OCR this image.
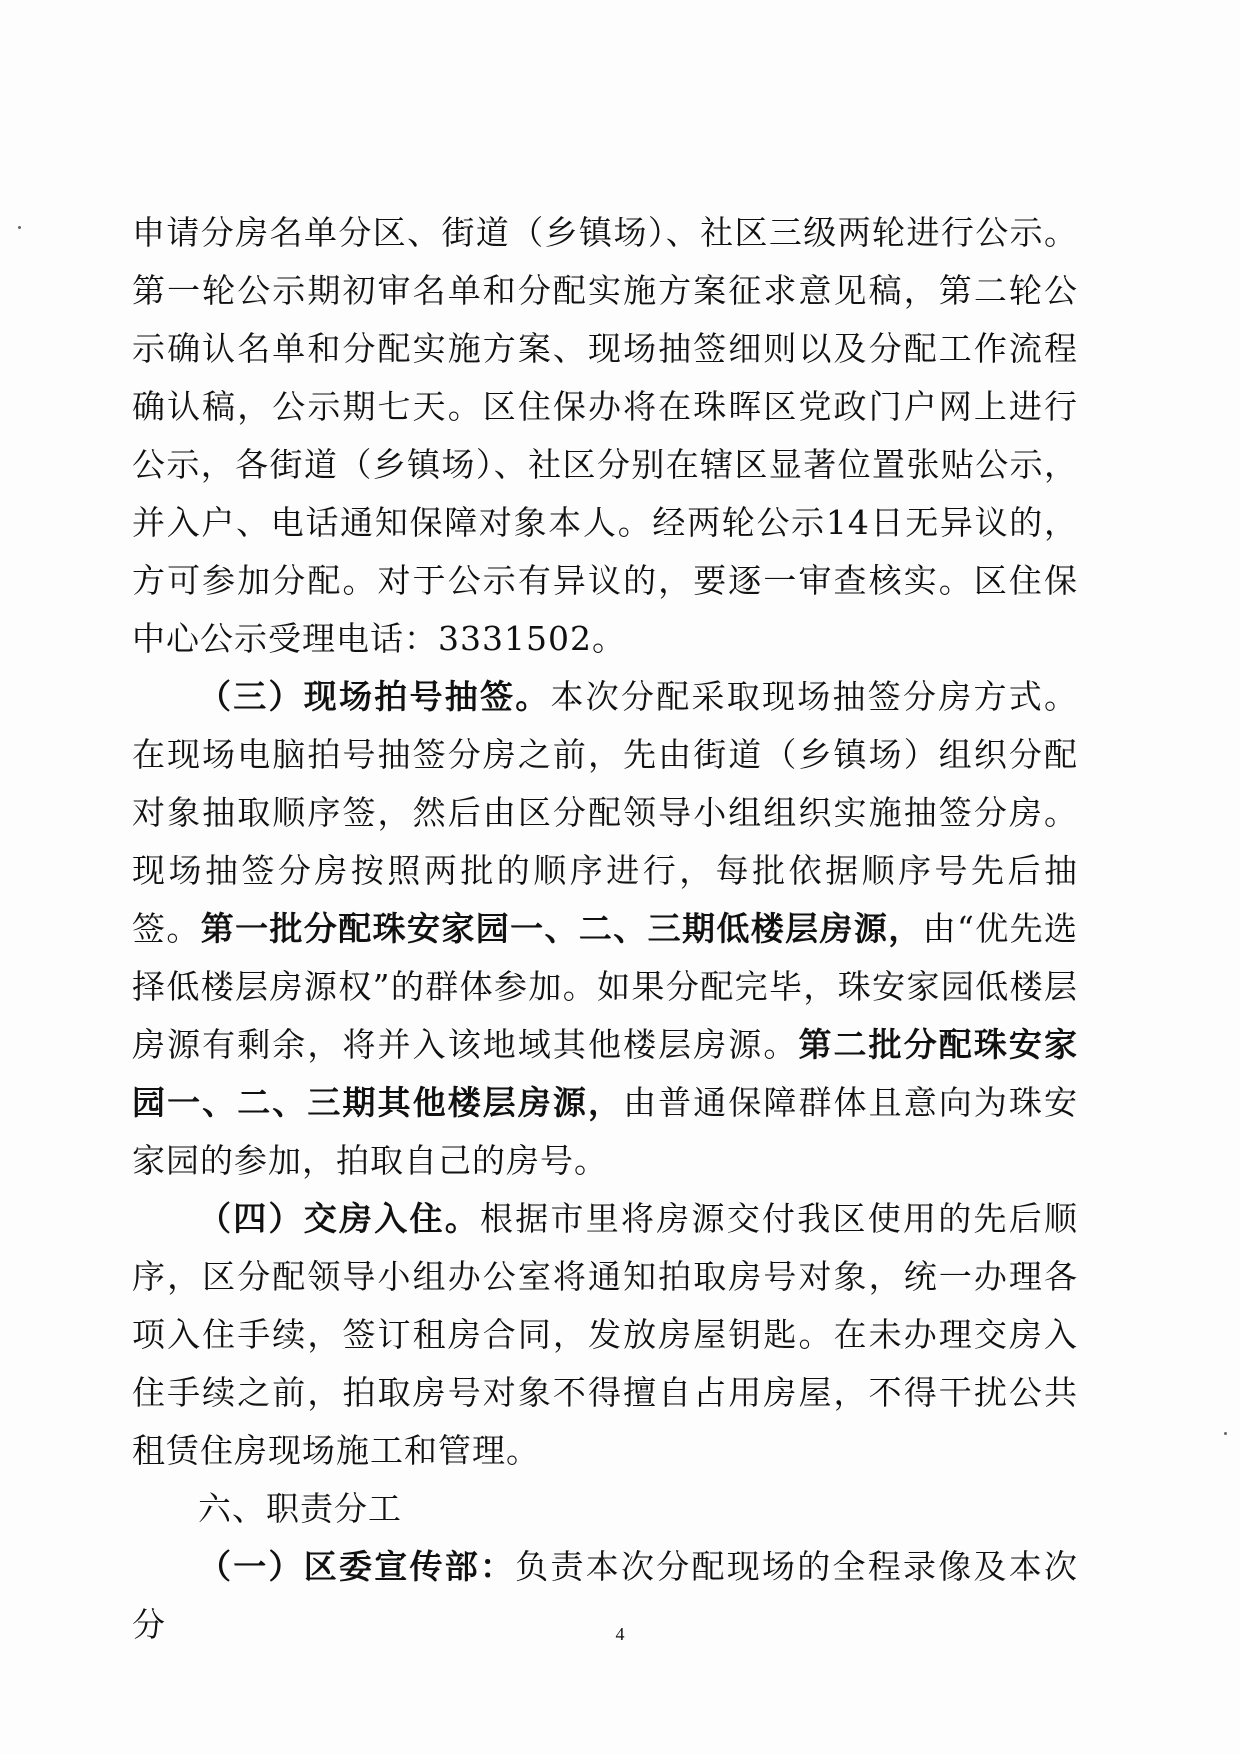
申请分房名单分区、街道（乡镇场）、社区三级两轮进行公示。第一轮公示期初审名单和分配实施方案征求意见稿，第二轮公示确认名单和分配实施方案、现场抽签细则以及分配工作流程确认稿，公示期七天。区住保办将在珠晖区党政门户网上进行公示，各街道（乡镇场）、社区分别在辖区显著位置张贴公示，并入户、电话通知保障对象本人。经两轮公示14日无异议的，方可参加分配。对于公示有异议的，要逐一审查核实。区住保中心公示受理电话：3331502。

（三）现场拍号抽签。本次分配采取现场抽签分房方式。在现场电脑拍号抽签分房之前，先由街道（乡镇场）组织分配对象抽取顺序签，然后由区分配领导小组组织实施抽签分房。现场抽签分房按照两批的顺序进行，每批依据顺序号先后抽签。第一批分配珠安家园一、二、三期低楼层房源，由“优先选择低楼层房源权”的群体参加。如果分配完毕，珠安家园低楼层房源有剩余，将并入该地域其他楼层房源。第二批分配珠安家园一、二、三期其他楼层房源，由普通保障群体且意向为珠安家园的参加，拍取自己的房号。

（四）交房入住。根据市里将房源交付我区使用的先后顺序，区分配领导小组办公室将通知拍取房号对象，统一办理各项入住手续，签订租房合同，发放房屋钥匙。在未办理交房入住手续之前，拍取房号对象不得擅自占用房屋，不得干扰公共租赁住房现场施工和管理。

六、职责分工

（一）区委宣传部：负责本次分配现场的全程录像及本次分	4
